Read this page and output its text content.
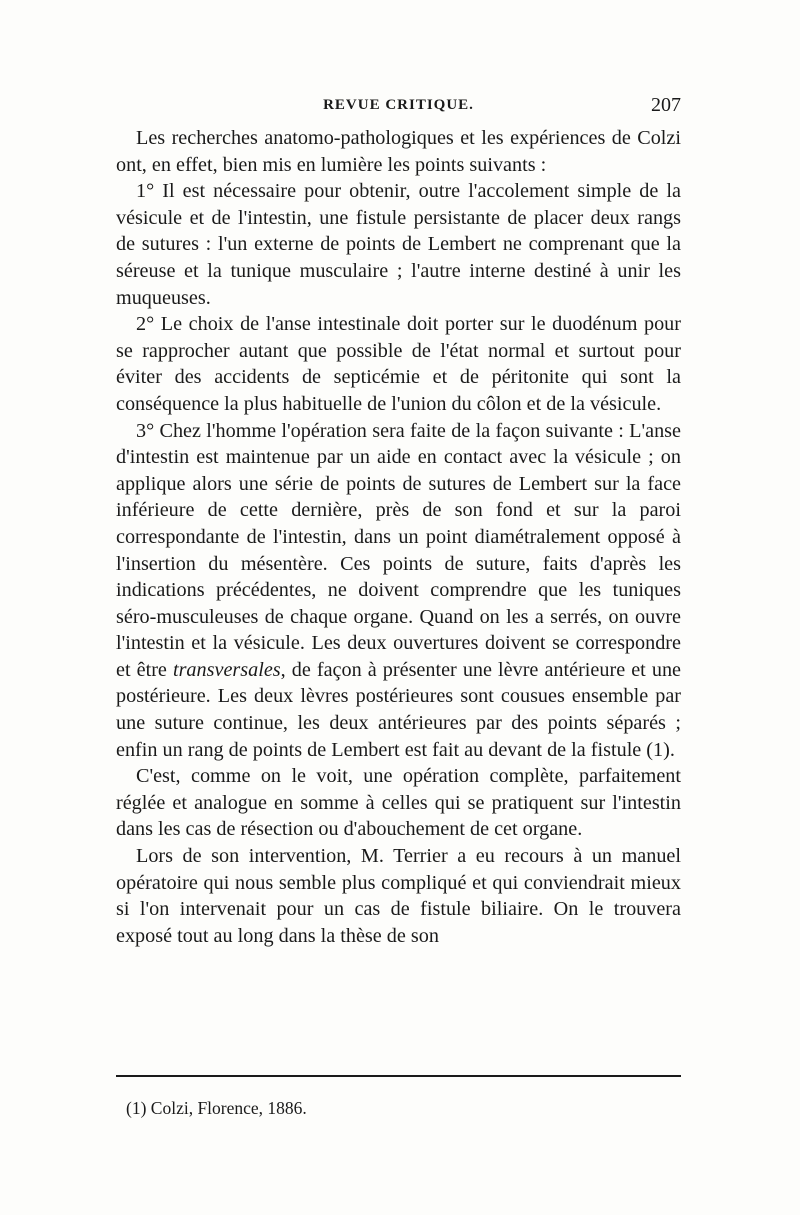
REVUE CRITIQUE.	207

Les recherches anatomo-pathologiques et les expériences de Colzi ont, en effet, bien mis en lumière les points suivants :

1° Il est nécessaire pour obtenir, outre l'accolement simple de la vésicule et de l'intestin, une fistule persistante de placer deux rangs de sutures : l'un externe de points de Lembert ne comprenant que la séreuse et la tunique musculaire ; l'autre interne destiné à unir les muqueuses.

2° Le choix de l'anse intestinale doit porter sur le duodénum pour se rapprocher autant que possible de l'état normal et surtout pour éviter des accidents de septicémie et de péritonite qui sont la conséquence la plus habituelle de l'union du côlon et de la vésicule.

3° Chez l'homme l'opération sera faite de la façon suivante : L'anse d'intestin est maintenue par un aide en contact avec la vésicule ; on applique alors une série de points de sutures de Lembert sur la face inférieure de cette dernière, près de son fond et sur la paroi correspondante de l'intestin, dans un point diamétralement opposé à l'insertion du mésentère. Ces points de suture, faits d'après les indications précédentes, ne doivent comprendre que les tuniques séro-musculeuses de chaque organe. Quand on les a serrés, on ouvre l'intestin et la vésicule. Les deux ouvertures doivent se correspondre et être transversales, de façon à présenter une lèvre antérieure et une postérieure. Les deux lèvres postérieures sont cousues ensemble par une suture continue, les deux antérieures par des points séparés ; enfin un rang de points de Lembert est fait au devant de la fistule (1).

C'est, comme on le voit, une opération complète, parfaitement réglée et analogue en somme à celles qui se pratiquent sur l'intestin dans les cas de résection ou d'abouchement de cet organe.

Lors de son intervention, M. Terrier a eu recours à un manuel opératoire qui nous semble plus compliqué et qui conviendrait mieux si l'on intervenait pour un cas de fistule biliaire. On le trouvera exposé tout au long dans la thèse de son

(1) Colzi, Florence, 1886.
